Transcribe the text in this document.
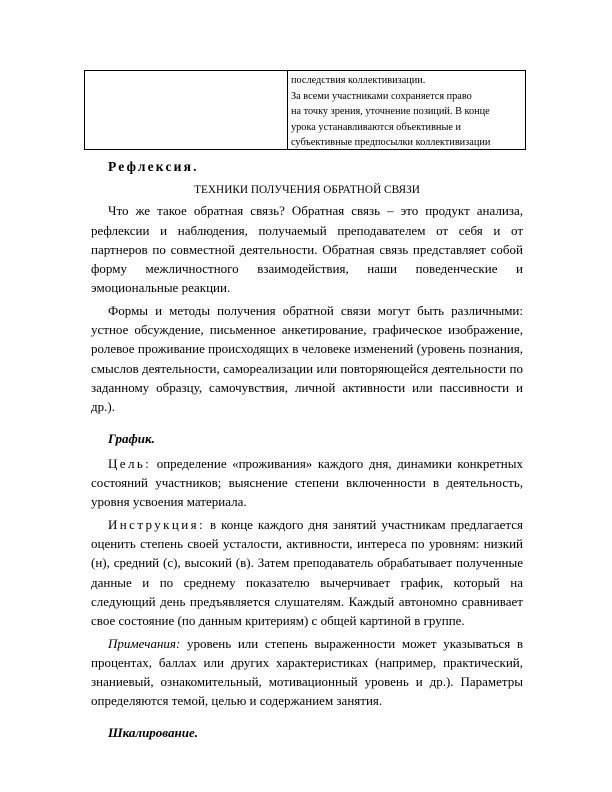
последствия коллективизации.
За всеми участниками сохраняется право
на точку зрения, уточнение позиций. В конце
урока устанавливаются объективные и
субъективные предпосылки коллективизации
Рефлексия.
ТЕХНИКИ ПОЛУЧЕНИЯ ОБРАТНОЙ СВЯЗИ

Что же такое обратная связь? Обратная связь – это продукт анализа, рефлексии и наблюдения, получаемый преподавателем от себя и от партнеров по совместной деятельности. Обратная связь представляет собой форму межличностного взаимодействия, наши поведенческие и эмоциональные реакции.

Формы и методы получения обратной связи могут быть различными: устное обсуждение, письменное анкетирование, графическое изображение, ролевое проживание происходящих в человеке изменений (уровень познания, смыслов деятельности, самореализации или повторяющейся деятельности по заданному образцу, самочувствия, личной активности или пассивности и др.).

График.

Цель: определение «проживания» каждого дня, динамики конкретных состояний участников; выяснение степени включенности в деятельность, уровня усвоения материала.

Инструкция: в конце каждого дня занятий участникам предлагается оценить степень своей усталости, активности, интереса по уровням: низкий (н), средний (с), высокий (в). Затем преподаватель обрабатывает полученные данные и по среднему показателю вычерчивает график, который на следующий день предъявляется слушателям. Каждый автономно сравнивает свое состояние (по данным критериям) с общей картиной в группе.

Примечания: уровень или степень выраженности может указываться в процентах, баллах или других характеристиках (например, практический, знаниевый, ознакомительный, мотивационный уровень и др.). Параметры определяются темой, целью и содержанием занятия.

Шкалирование.
